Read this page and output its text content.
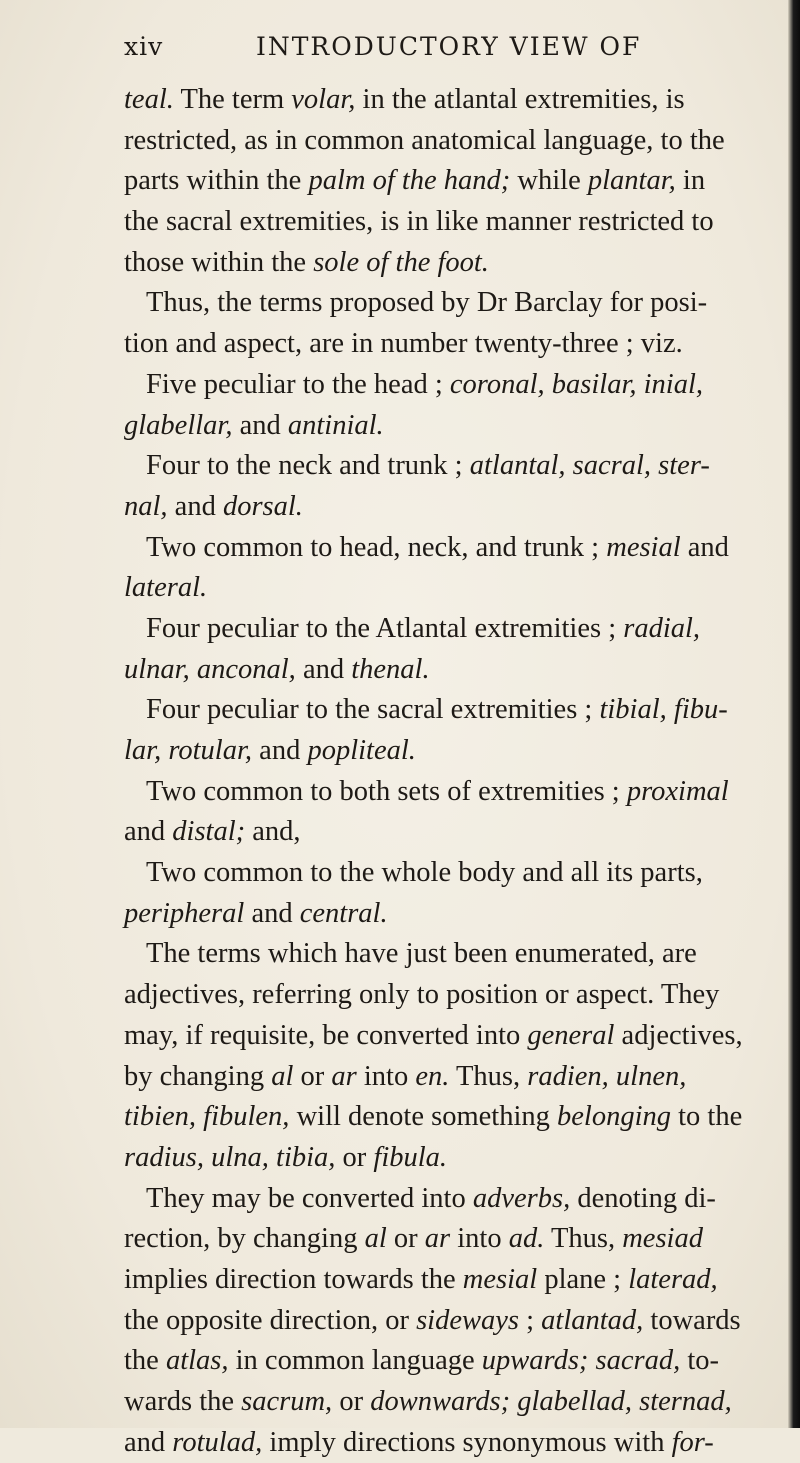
xiv	INTRODUCTORY VIEW OF
teal. The term volar, in the atlantal extremities, is
restricted, as in common anatomical language, to the
parts within the palm of the hand; while plantar, in
the sacral extremities, is in like manner restricted to
those within the sole of the foot.
Thus, the terms proposed by Dr Barclay for posi-
tion and aspect, are in number twenty-three ; viz.
Five peculiar to the head ; coronal, basilar, inial,
glabellar, and antinial.
Four to the neck and trunk ; atlantal, sacral, ster-
nal, and dorsal.
Two common to head, neck, and trunk ; mesial and
lateral.
Four peculiar to the Atlantal extremities ; radial,
ulnar, anconal, and thenal.
Four peculiar to the sacral extremities ; tibial, fibu-
lar, rotular, and popliteal.
Two common to both sets of extremities ; proximal
and distal; and,
Two common to the whole body and all its parts,
peripheral and central.
The terms which have just been enumerated, are
adjectives, referring only to position or aspect. They
may, if requisite, be converted into general adjectives,
by changing al or ar into en. Thus, radien, ulnen,
tibien, fibulen, will denote something belonging to the
radius, ulna, tibia, or fibula.
They may be converted into adverbs, denoting di-
rection, by changing al or ar into ad. Thus, mesiad
implies direction towards the mesial plane ; laterad,
the opposite direction, or sideways ; atlantad, towards
the atlas, in common language upwards; sacrad, to-
wards the sacrum, or downwards; glabellad, sternad,
and rotulad, imply directions synonymous with for-
